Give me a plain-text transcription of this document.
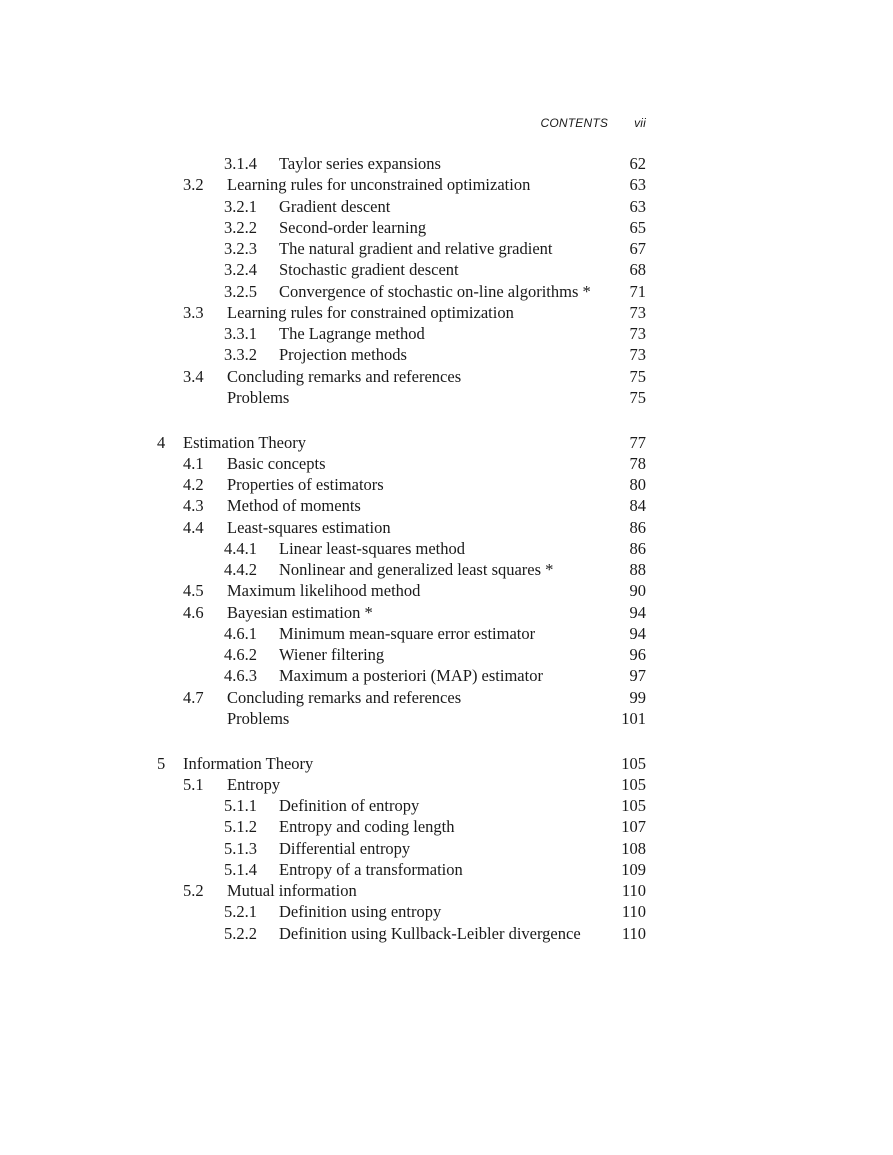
CONTENTS vii
3.1.4 Taylor series expansions	62
3.2 Learning rules for unconstrained optimization	63
3.2.1 Gradient descent	63
3.2.2 Second-order learning	65
3.2.3 The natural gradient and relative gradient	67
3.2.4 Stochastic gradient descent	68
3.2.5 Convergence of stochastic on-line algorithms * 71
3.3 Learning rules for constrained optimization	73
3.3.1 The Lagrange method	73
3.3.2 Projection methods	73
3.4 Concluding remarks and references	75
Problems	75
4 Estimation Theory	77
4.1 Basic concepts	78
4.2 Properties of estimators	80
4.3 Method of moments	84
4.4 Least-squares estimation	86
4.4.1 Linear least-squares method	86
4.4.2 Nonlinear and generalized least squares *	88
4.5 Maximum likelihood method	90
4.6 Bayesian estimation *	94
4.6.1 Minimum mean-square error estimator	94
4.6.2 Wiener filtering	96
4.6.3 Maximum a posteriori (MAP) estimator	97
4.7 Concluding remarks and references	99
Problems	101
5 Information Theory	105
5.1 Entropy	105
5.1.1 Definition of entropy	105
5.1.2 Entropy and coding length	107
5.1.3 Differential entropy	108
5.1.4 Entropy of a transformation	109
5.2 Mutual information	110
5.2.1 Definition using entropy	110
5.2.2 Definition using Kullback-Leibler divergence 110
